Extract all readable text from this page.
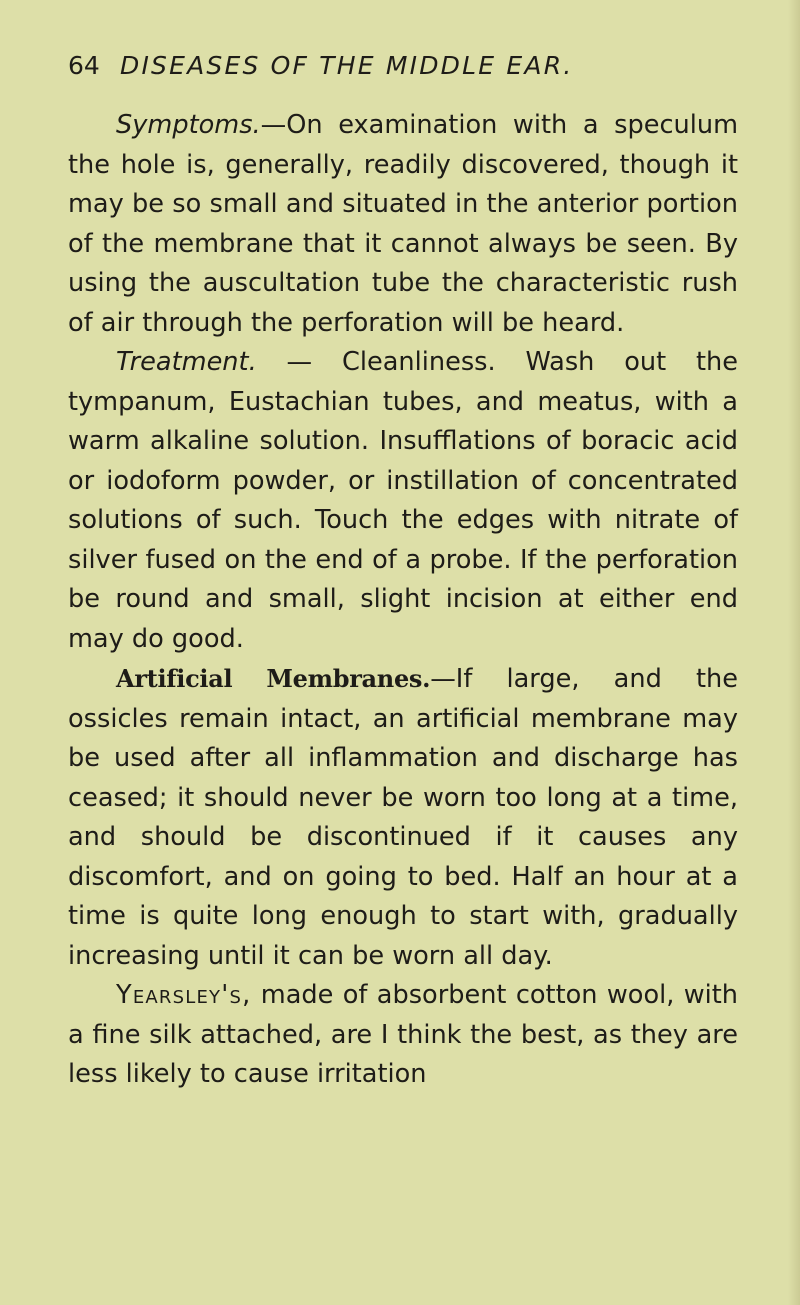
64 DISEASES OF THE MIDDLE EAR.

Symptoms.—On examination with a speculum the hole is, generally, readily discovered, though it may be so small and situated in the anterior portion of the membrane that it cannot always be seen. By using the auscultation tube the characteristic rush of air through the perforation will be heard.

Treatment. — Cleanliness. Wash out the tympanum, Eustachian tubes, and meatus, with a warm alkaline solution. Insufflations of boracic acid or iodoform powder, or instillation of concentrated solutions of such. Touch the edges with nitrate of silver fused on the end of a probe. If the perforation be round and small, slight incision at either end may do good.

Artificial Membranes.—If large, and the ossicles remain intact, an artificial membrane may be used after all inflammation and discharge has ceased; it should never be worn too long at a time, and should be discontinued if it causes any discomfort, and on going to bed. Half an hour at a time is quite long enough to start with, gradually increasing until it can be worn all day.

Yearsley's, made of absorbent cotton wool, with a fine silk attached, are I think the best, as they are less likely to cause irritation
